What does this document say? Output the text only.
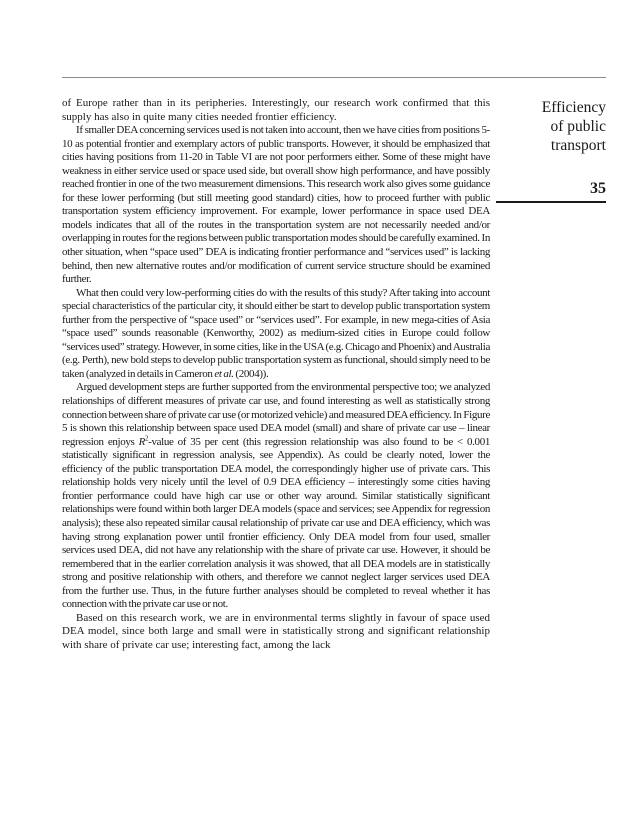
Efficiency
of public
transport
35

of Europe rather than in its peripheries. Interestingly, our research work confirmed that this supply has also in quite many cities needed frontier efficiency.

If smaller DEA concerning services used is not taken into account, then we have cities from positions 5-10 as potential frontier and exemplary actors of public transports. However, it should be emphasized that cities having positions from 11-20 in Table VI are not poor performers either. Some of these might have weakness in either service used or space used side, but overall show high performance, and have possibly reached frontier in one of the two measurement dimensions. This research work also gives some guidance for these lower performing (but still meeting good standard) cities, how to proceed further with public transportation system efficiency improvement. For example, lower performance in space used DEA models indicates that all of the routes in the transportation system are not necessarily needed and/or overlapping in routes for the regions between public transportation modes should be carefully examined. In other situation, when “space used” DEA is indicating frontier performance and “services used” is lacking behind, then new alternative routes and/or modification of current service structure should be examined further.

What then could very low-performing cities do with the results of this study? After taking into account special characteristics of the particular city, it should either be start to develop public transportation system further from the perspective of “space used” or “services used”. For example, in new mega-cities of Asia “space used” sounds reasonable (Kenworthy, 2002) as medium-sized cities in Europe could follow “services used” strategy. However, in some cities, like in the USA (e.g. Chicago and Phoenix) and Australia (e.g. Perth), new bold steps to develop public transportation system as functional, should simply need to be taken (analyzed in details in Cameron et al. (2004)).

Argued development steps are further supported from the environmental perspective too; we analyzed relationships of different measures of private car use, and found interesting as well as statistically strong connection between share of private car use (or motorized vehicle) and measured DEA efficiency. In Figure 5 is shown this relationship between space used DEA model (small) and share of private car use – linear regression enjoys $R^2$-value of 35 per cent (this regression relationship was also found to be < 0.001 statistically significant in regression analysis, see Appendix). As could be clearly noted, lower the efficiency of the public transportation DEA model, the correspondingly higher use of private cars. This relationship holds very nicely until the level of 0.9 DEA efficiency – interestingly some cities having frontier performance could have high car use or other way around. Similar statistically significant relationships were found within both larger DEA models (space and services; see Appendix for regression analysis); these also repeated similar causal relationship of private car use and DEA efficiency, which was having strong explanation power until frontier efficiency. Only DEA model from four used, smaller services used DEA, did not have any relationship with the share of private car use. However, it should be remembered that in the earlier correlation analysis it was showed, that all DEA models are in statistically strong and positive relationship with others, and therefore we cannot neglect larger services used DEA from the further use. Thus, in the future further analyses should be completed to reveal whether it has connection with the private car use or not.

Based on this research work, we are in environmental terms slightly in favour of space used DEA model, since both large and small were in statistically strong and significant relationship with share of private car use; interesting fact, among the lack
